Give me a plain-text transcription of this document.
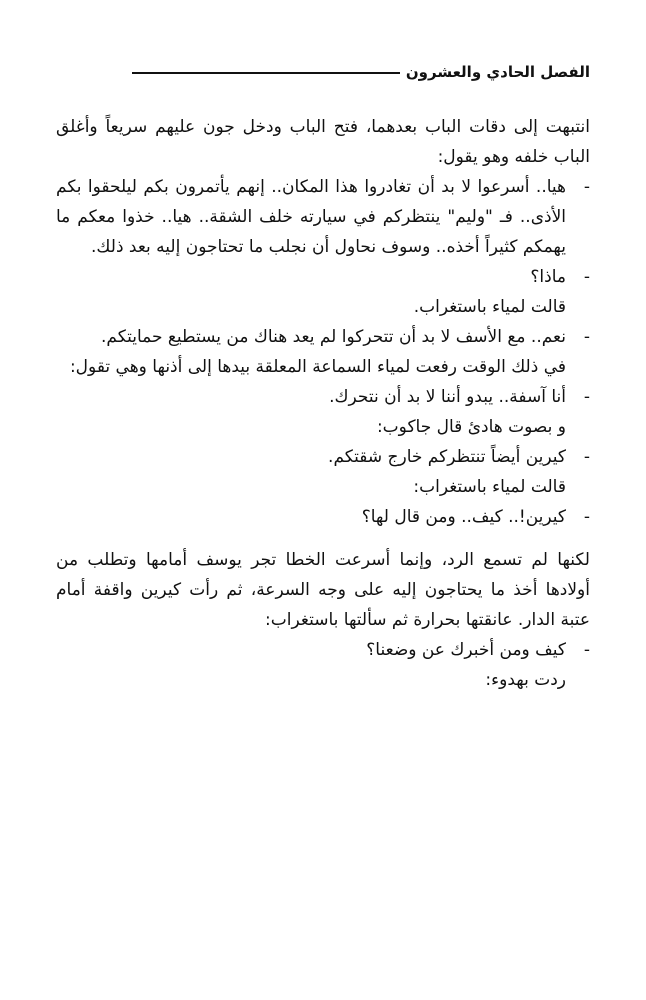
الفصل الحادي والعشرون

انتبهت إلى دقات الباب بعدهما، فتح الباب ودخل جون عليهم سريعاً وأغلق الباب خلفه وهو يقول:

-
هيا.. أسرعوا لا بد أن تغادروا هذا المكان.. إنهم يأتمرون بكم ليلحقوا بكم الأذى.. فـ "وليم" ينتظركم في سيارته خلف الشقة.. هيا.. خذوا معكم ما يهمكم كثيراً أخذه.. وسوف نحاول أن نجلب ما تحتاجون إليه بعد ذلك.
-
ماذا؟

قالت لمياء باستغراب.

-
نعم.. مع الأسف لا بد أن تتحركوا لم يعد هناك من يستطيع حمايتكم.

في ذلك الوقت رفعت لمياء السماعة المعلقة بيدها إلى أذنها وهي تقول:

-
أنا آسفة.. يبدو أننا لا بد أن نتحرك.

و بصوت هادئ قال جاكوب:

-
كيرين أيضاً تنتظركم خارج شقتكم.

قالت لمياء باستغراب:

-
كيرين!.. كيف.. ومن قال لها؟

لكنها لم تسمع الرد، وإنما أسرعت الخطا تجر يوسف أمامها وتطلب من أولادها أخذ ما يحتاجون إليه على وجه السرعة، ثم رأت كيرين واقفة أمام عتبة الدار. عانقتها بحرارة ثم سألتها باستغراب:

-
كيف ومن أخبرك عن وضعنا؟

ردت بهدوء:
